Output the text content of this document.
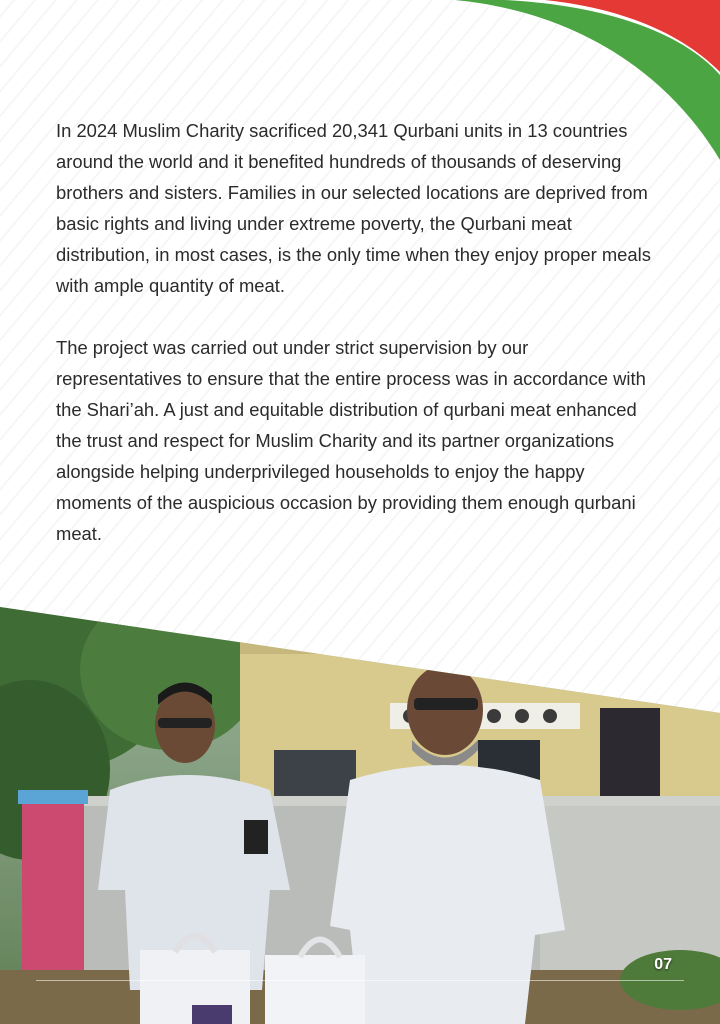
In 2024 Muslim Charity sacrificed 20,341 Qurbani units in 13 countries around the world and it benefited hundreds of thousands of deserving brothers and sisters. Families in our selected locations are deprived from basic rights and living under extreme poverty, the Qurbani meat distribution, in most cases, is the only time when they enjoy proper meals with ample quantity of meat.

The project was carried out under strict supervision by our representatives to ensure that the entire process was in accordance with the Shari’ah. A just and equitable distribution of qurbani meat enhanced the trust and respect for Muslim Charity and its partner organizations alongside helping underprivileged households to enjoy the happy moments of the auspicious occasion by providing them enough qurbani meat.

07
